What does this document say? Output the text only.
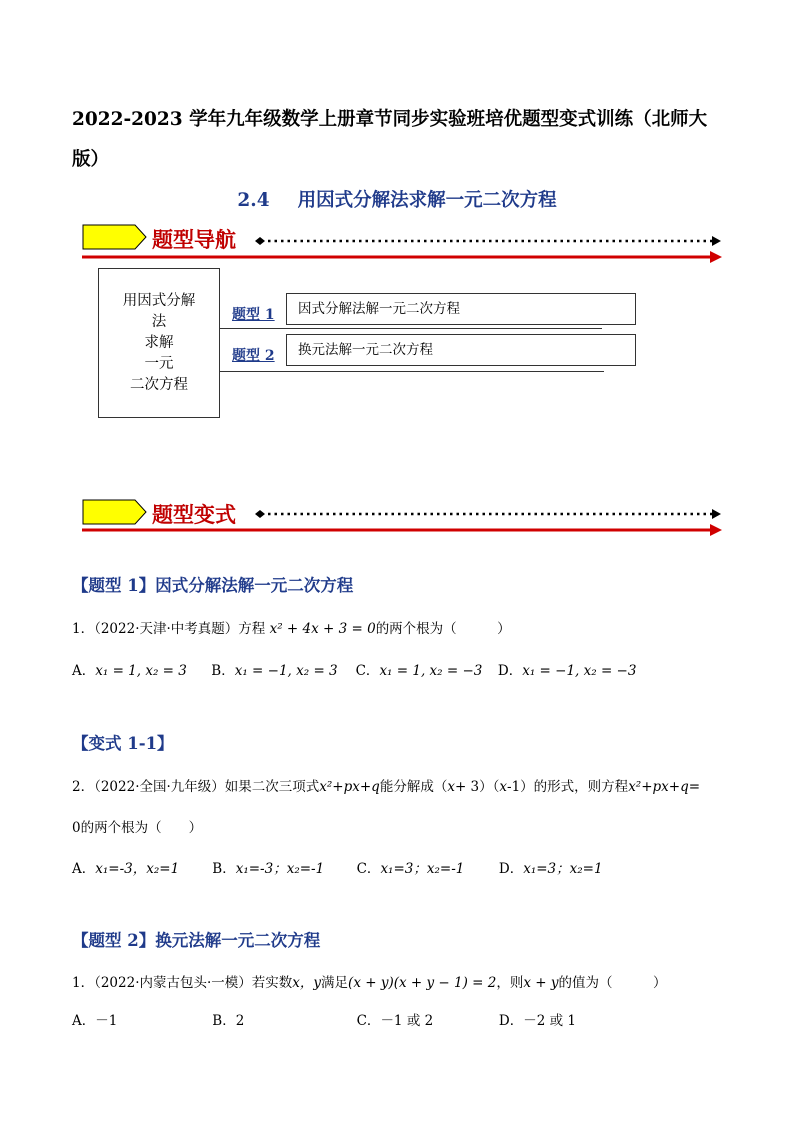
2022-2023 学年九年级数学上册章节同步实验班培优题型变式训练（北师大版）
2.4 用因式分解法求解一元二次方程
题型导航
用因式分解
法
求解
一元
二次方程
题型 1	因式分解法解一元二次方程
题型 2	换元法解一元二次方程
题型变式
【题型 1】因式分解法解一元二次方程
1．（2022·天津·中考真题）方程 x² + 4x + 3 = 0的两个根为（　　　）
A．x₁ = 1, x₂ = 3 B．x₁ = −1, x₂ = 3 C．x₁ = 1, x₂ = −3 D．x₁ = −1, x₂ = −3
【变式 1-1】
2．（2022·全国·九年级）如果二次三项式x²+px+q能分解成（x+ 3）（x-1）的形式，则方程x²+px+q=
0的两个根为（　　）
A．x₁=-3，x₂=1 B．x₁=-3；x₂=-1 C．x₁=3；x₂=-1	D．x₁=3；x₂=1
【题型 2】换元法解一元二次方程
1．（2022·内蒙古包头·一模）若实数x，y满足(x + y)(x + y − 1) = 2，则x + y的值为（　　　）
A．－1	B．2	C．－1 或 2	D．－2 或 1
